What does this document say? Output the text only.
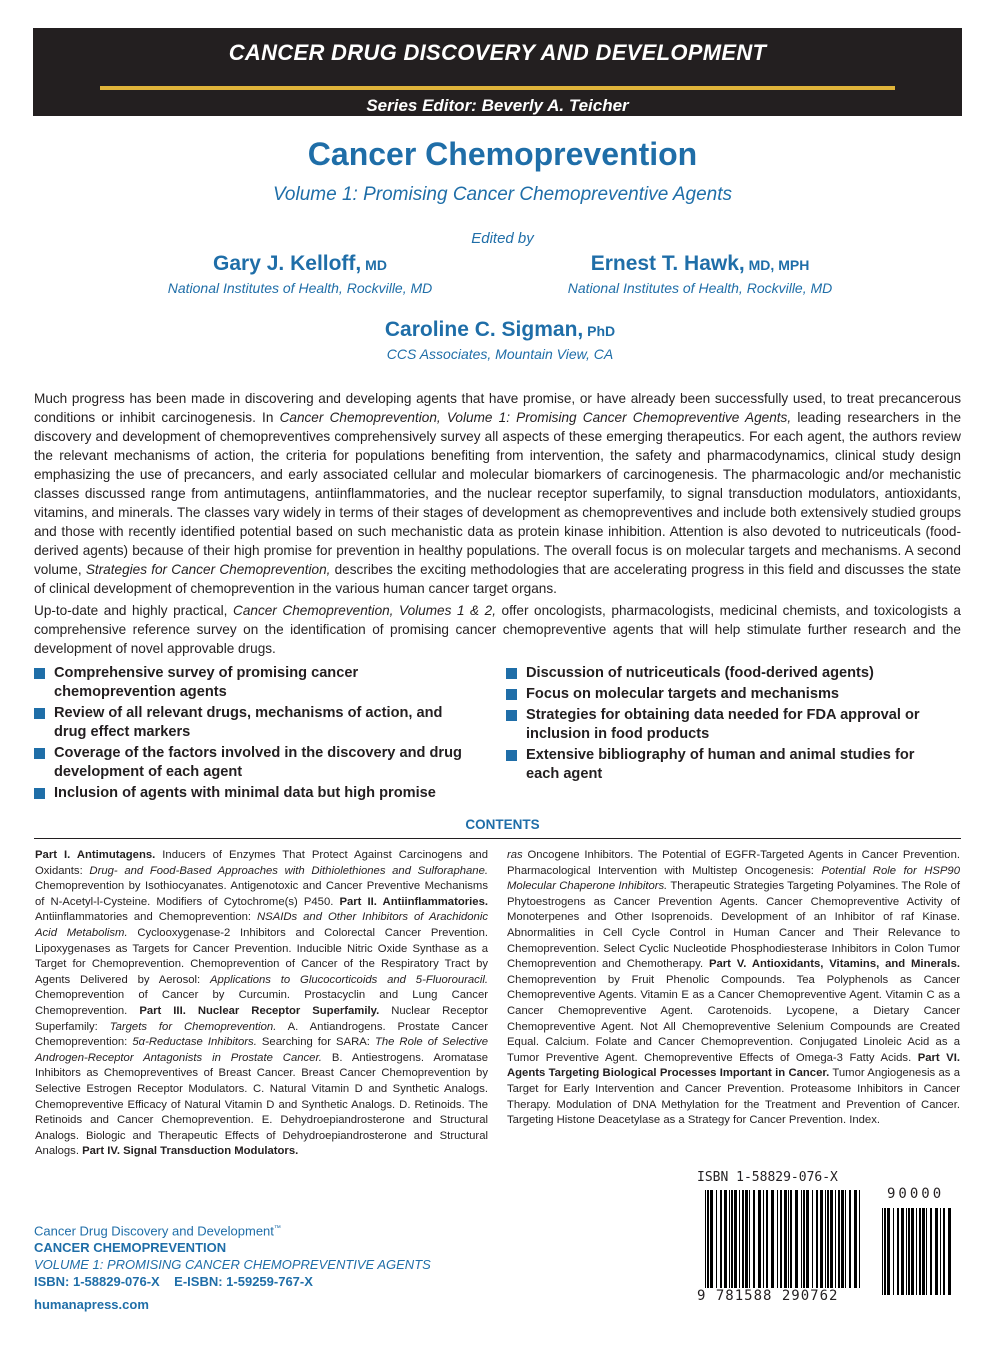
CANCER DRUG DISCOVERY AND DEVELOPMENT
Series Editor: Beverly A. Teicher
Cancer Chemoprevention
Volume 1: Promising Cancer Chemopreventive Agents
Edited by
Gary J. Kelloff, MD
National Institutes of Health, Rockville, MD
Ernest T. Hawk, MD, MPH
National Institutes of Health, Rockville, MD
Caroline C. Sigman, PhD
CCS Associates, Mountain View, CA

Much progress has been made in discovering and developing agents that have promise, or have already been successfully used, to treat precancerous conditions or inhibit carcinogenesis. In Cancer Chemoprevention, Volume 1: Promising Cancer Chemopreventive Agents, leading researchers in the discovery and development of chemopreventives comprehensively survey all aspects of these emerging therapeutics. For each agent, the authors review the relevant mechanisms of action, the criteria for populations benefiting from intervention, the safety and pharmacodynamics, clinical study design emphasizing the use of precancers, and early associated cellular and molecular biomarkers of carcinogenesis. The pharmacologic and/or mechanistic classes discussed range from antimutagens, antiinflammatories, and the nuclear receptor superfamily, to signal transduction modulators, antioxidants, vitamins, and minerals. The classes vary widely in terms of their stages of development as chemopreventives and include both extensively studied groups and those with recently identified potential based on such mechanistic data as protein kinase inhibition. Attention is also devoted to nutriceuticals (food-derived agents) because of their high promise for prevention in healthy populations. The overall focus is on molecular targets and mechanisms. A second volume, Strategies for Cancer Chemoprevention, describes the exciting methodologies that are accelerating progress in this field and discusses the state of clinical development of chemoprevention in the various human cancer target organs.

Up-to-date and highly practical, Cancer Chemoprevention, Volumes 1 & 2, offer oncologists, pharmacologists, medicinal chemists, and toxicologists a comprehensive reference survey on the identification of promising cancer chemopreventive agents that will help stimulate further research and the development of novel approvable drugs.

Comprehensive survey of promising cancer chemoprevention agents
Review of all relevant drugs, mechanisms of action, and drug effect markers
Coverage of the factors involved in the discovery and drug development of each agent
Inclusion of agents with minimal data but high promise
Discussion of nutriceuticals (food-derived agents)
Focus on molecular targets and mechanisms
Strategies for obtaining data needed for FDA approval or inclusion in food products
Extensive bibliography of human and animal studies for each agent
CONTENTS
Part I. Antimutagens. Inducers of Enzymes That Protect Against Carcinogens and Oxidants: Drug- and Food-Based Approaches with Dithiolethiones and Sulforaphane. Chemoprevention by Isothiocyanates. Antigenotoxic and Cancer Preventive Mechanisms of N-Acetyl-l-Cysteine. Modifiers of Cytochrome(s) P450. Part II. Antiinflammatories. Antiinflammatories and Chemoprevention: NSAIDs and Other Inhibitors of Arachidonic Acid Metabolism. Cyclooxygenase-2 Inhibitors and Colorectal Cancer Prevention. Lipoxygenases as Targets for Cancer Prevention. Inducible Nitric Oxide Synthase as a Target for Chemoprevention. Chemoprevention of Cancer of the Respiratory Tract by Agents Delivered by Aerosol: Applications to Glucocorticoids and 5-Fluorouracil. Chemoprevention of Cancer by Curcumin. Prostacyclin and Lung Cancer Chemoprevention. Part III. Nuclear Receptor Superfamily. Nuclear Receptor Superfamily: Targets for Chemoprevention. A. Antiandrogens. Prostate Cancer Chemoprevention: 5α-Reductase Inhibitors. Searching for SARA: The Role of Selective Androgen-Receptor Antagonists in Prostate Cancer. B. Antiestrogens. Aromatase Inhibitors as Chemopreventives of Breast Cancer. Breast Cancer Chemoprevention by Selective Estrogen Receptor Modulators. C. Natural Vitamin D and Synthetic Analogs. Chemopreventive Efficacy of Natural Vitamin D and Synthetic Analogs. D. Retinoids. The Retinoids and Cancer Chemoprevention. E. Dehydroepiandrosterone and Structural Analogs. Biologic and Therapeutic Effects of Dehydroepiandrosterone and Structural Analogs. Part IV. Signal Transduction Modulators.
ras Oncogene Inhibitors. The Potential of EGFR-Targeted Agents in Cancer Prevention. Pharmacological Intervention with Multistep Oncogenesis: Potential Role for HSP90 Molecular Chaperone Inhibitors. Therapeutic Strategies Targeting Polyamines. The Role of Phytoestrogens as Cancer Prevention Agents. Cancer Chemopreventive Activity of Monoterpenes and Other Isoprenoids. Development of an Inhibitor of raf Kinase. Abnormalities in Cell Cycle Control in Human Cancer and Their Relevance to Chemoprevention. Select Cyclic Nucleotide Phosphodiesterase Inhibitors in Colon Tumor Chemoprevention and Chemotherapy. Part V. Antioxidants, Vitamins, and Minerals. Chemoprevention by Fruit Phenolic Compounds. Tea Polyphenols as Cancer Chemopreventive Agents. Vitamin E as a Cancer Chemopreventive Agent. Vitamin C as a Cancer Chemopreventive Agent. Carotenoids. Lycopene, a Dietary Cancer Chemopreventive Agent. Not All Chemopreventive Selenium Compounds are Created Equal. Calcium. Folate and Cancer Chemoprevention. Conjugated Linoleic Acid as a Tumor Preventive Agent. Chemopreventive Effects of Omega-3 Fatty Acids. Part VI. Agents Targeting Biological Processes Important in Cancer. Tumor Angiogenesis as a Target for Early Intervention and Cancer Prevention. Proteasome Inhibitors in Cancer Therapy. Modulation of DNA Methylation for the Treatment and Prevention of Cancer. Targeting Histone Deacetylase as a Strategy for Cancer Prevention. Index.
Cancer Drug Discovery and Development™
CANCER CHEMOPREVENTION
VOLUME 1: PROMISING CANCER CHEMOPREVENTIVE AGENTS
ISBN: 1-58829-076-X    E-ISBN: 1-59259-767-X
humanapress.com
ISBN 1-58829-076-X
90000
9 781588 290762
